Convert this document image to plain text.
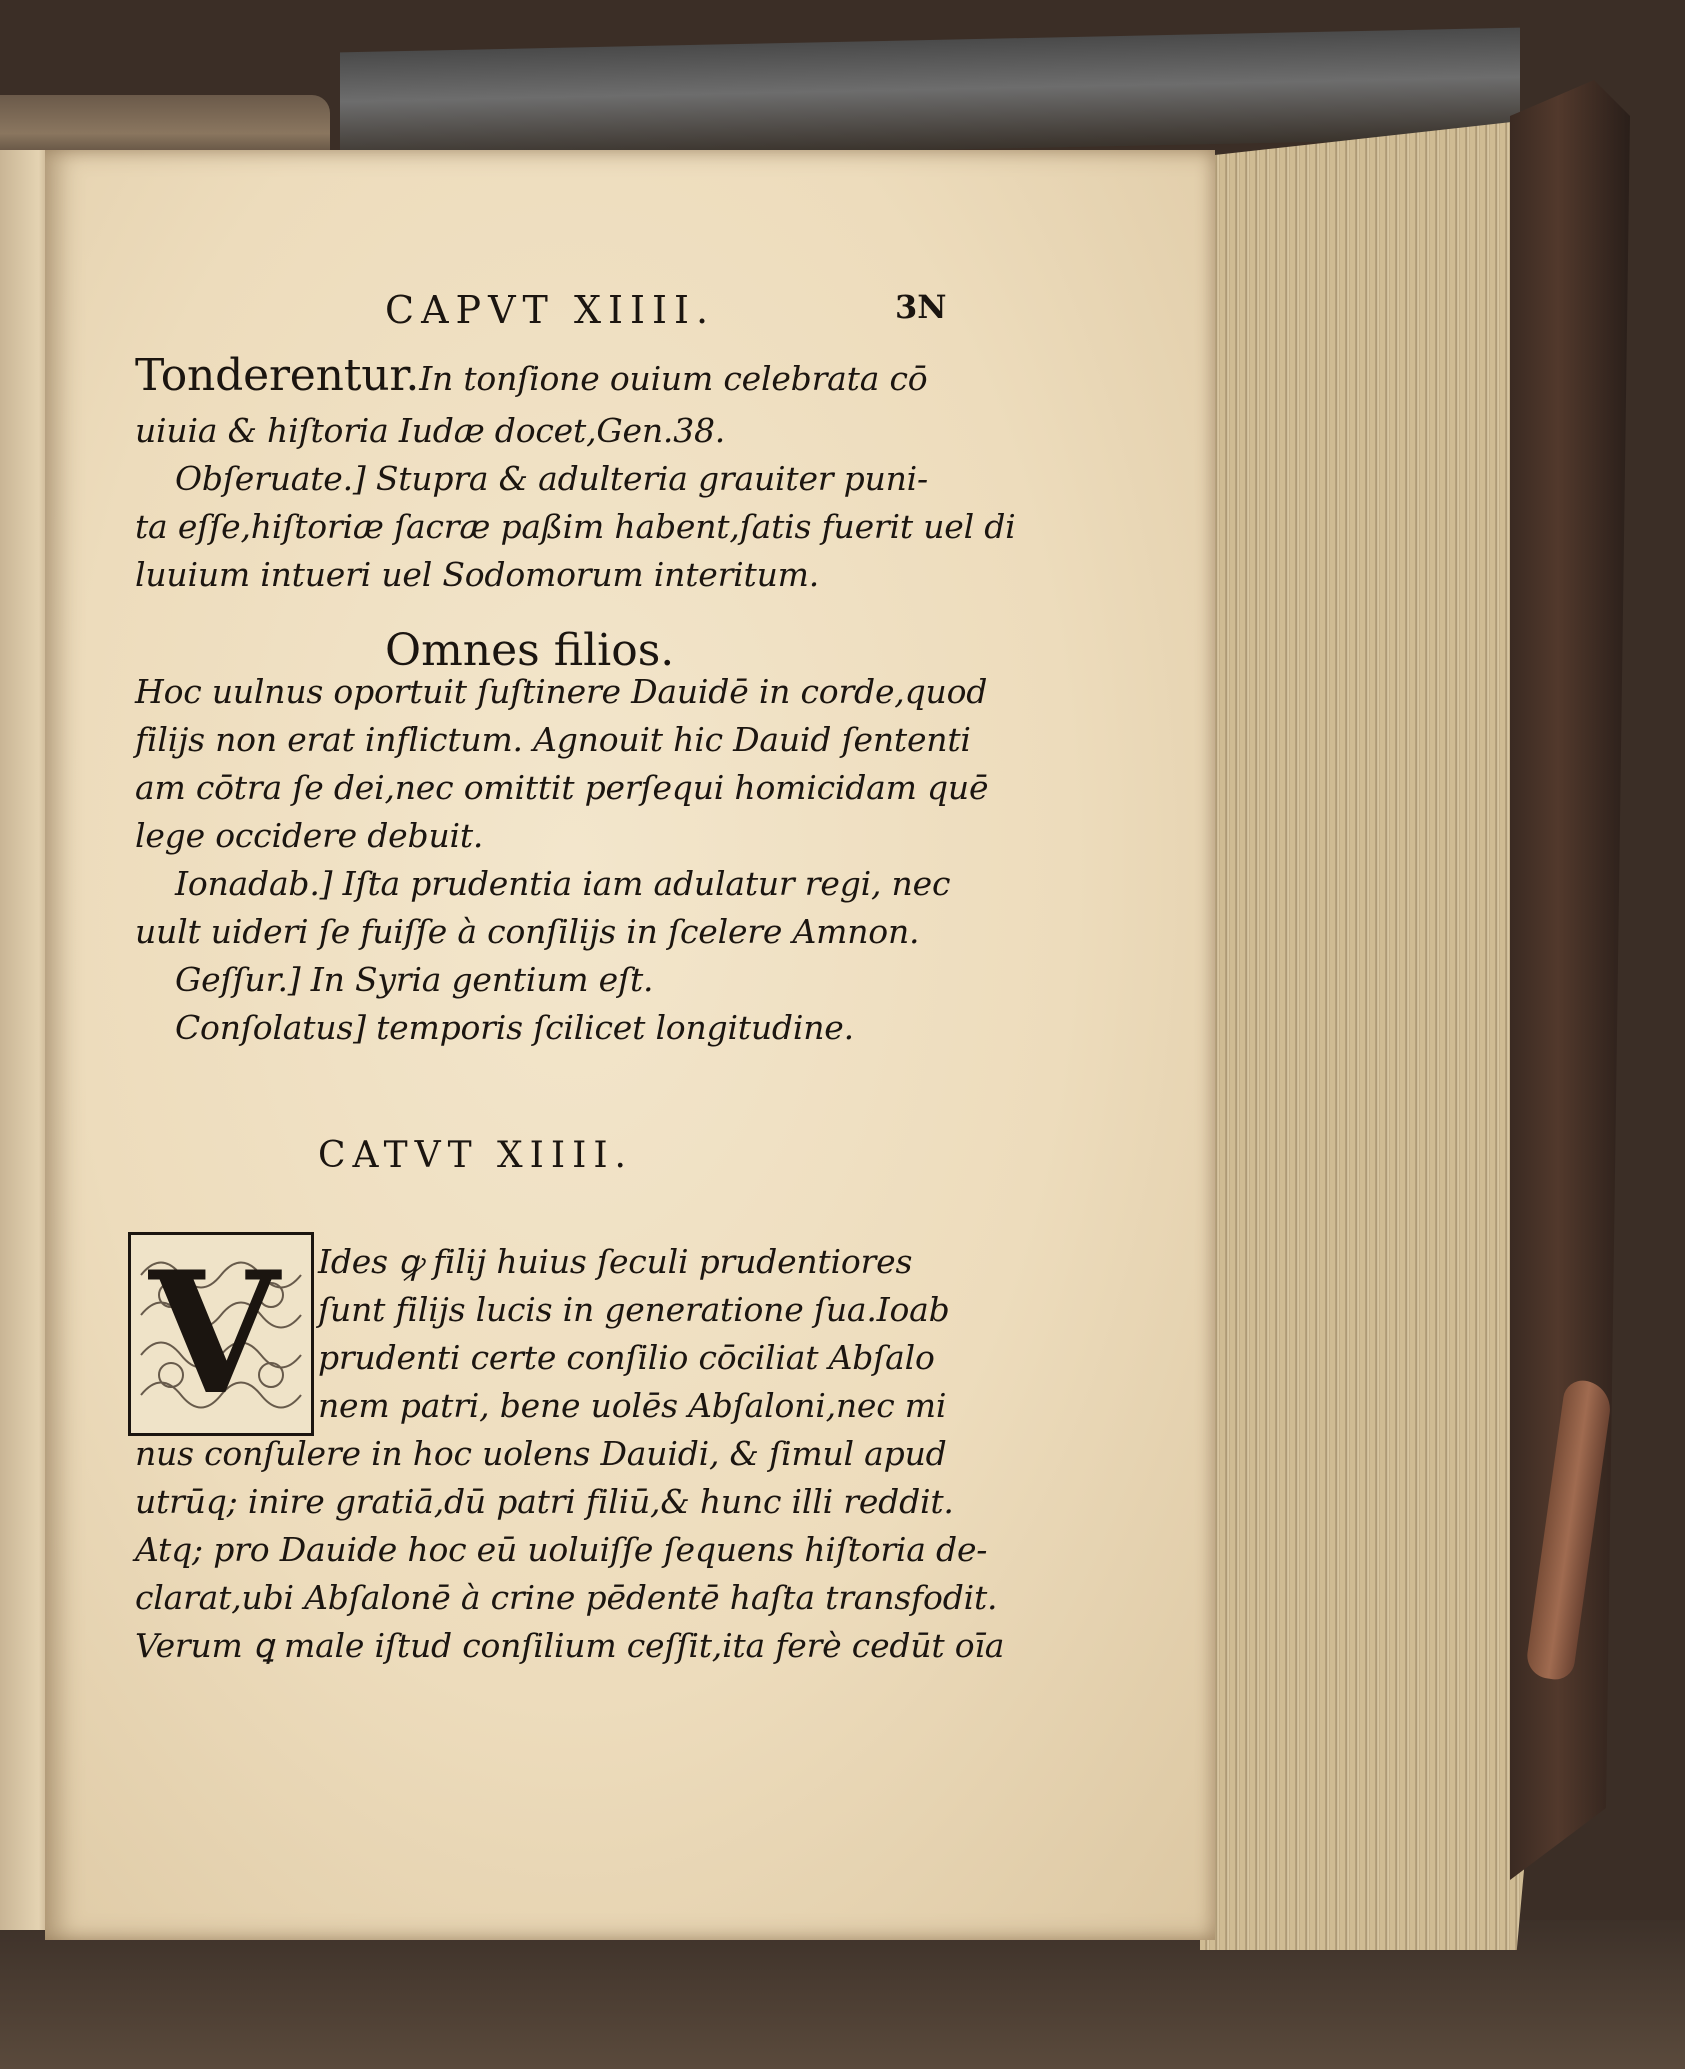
CAPVT XIIII.	3N
Tonderentur.In tonſione ouium celebrata cō
uiuia & hiſtoria Iudæ docet,Gen.38.
Obſeruate.] Stupra & adulteria grauiter puni-
ta eſſe,hiſtoriæ ſacræ paßim habent,ſatis fuerit uel di
luuium intueri uel Sodomorum interitum.
Omnes filios.
Hoc uulnus oportuit ſuſtinere Dauidē in corde,quod
filijs non erat inflictum. Agnouit hic Dauid ſententi
am cōtra ſe dei,nec omittit perſequi homicidam quē
lege occidere debuit.
Ionadab.] Iſta prudentia iam adulatur regi, nec
uult uideri ſe fuiſſe à conſilijs in ſcelere Amnon.
Geſſur.] In Syria gentium eſt.
Conſolatus] temporis ſcilicet longitudine.
CATVT XIIII.
V Ides ꝙ filij huius ſeculi prudentiores
ſunt filijs lucis in generatione ſua.Ioab
prudenti certe conſilio cōciliat Abſalo
nem patri, bene uolēs Abſaloni,nec mi
nus conſulere in hoc uolens Dauidi, & ſimul apud
utrūq; inire gratiā,dū patri filiū,& hunc illi reddit.
Atq; pro Dauide hoc eū uoluiſſe ſequens hiſtoria de-
clarat,ubi Abſalonē à crine pēdentē haſta transfodit.
Verum ꝗ male iſtud conſilium ceſſit,ita ferè cedūt oīa
